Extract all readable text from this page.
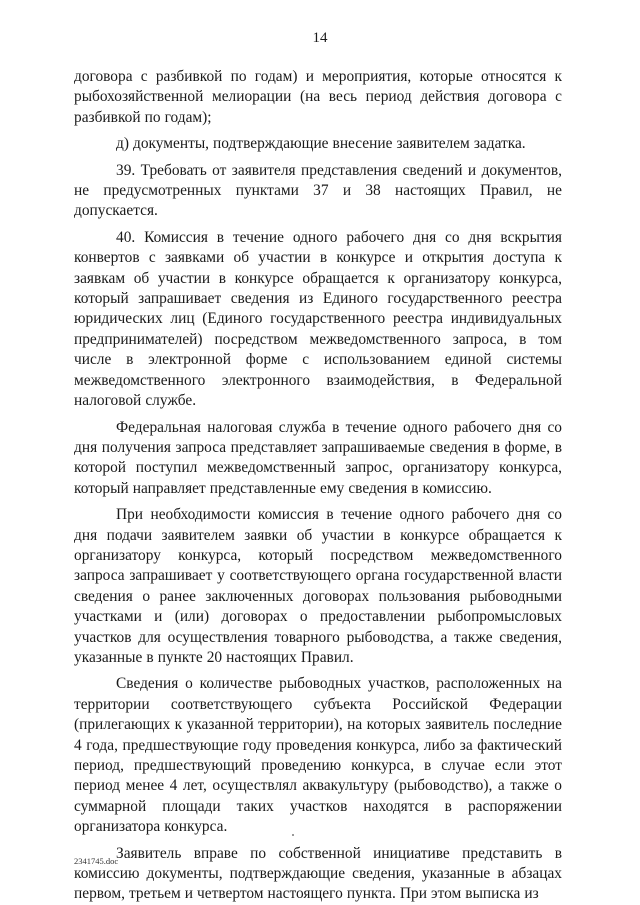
14

договора с разбивкой по годам) и мероприятия, которые относятся к рыбохозяйственной мелиорации (на весь период действия договора с разбивкой по годам);

д) документы, подтверждающие внесение заявителем задатка.

39. Требовать от заявителя представления сведений и документов, не предусмотренных пунктами 37 и 38 настоящих Правил, не допускается.

40. Комиссия в течение одного рабочего дня со дня вскрытия конвертов с заявками об участии в конкурсе и открытия доступа к заявкам об участии в конкурсе обращается к организатору конкурса, который запрашивает сведения из Единого государственного реестра юридических лиц (Единого государственного реестра индивидуальных предпринимателей) посредством межведомственного запроса, в том числе в электронной форме с использованием единой системы межведомственного электронного взаимодействия, в Федеральной налоговой службе.

Федеральная налоговая служба в течение одного рабочего дня со дня получения запроса представляет запрашиваемые сведения в форме, в которой поступил межведомственный запрос, организатору конкурса, который направляет представленные ему сведения в комиссию.

При необходимости комиссия в течение одного рабочего дня со дня подачи заявителем заявки об участии в конкурсе обращается к организатору конкурса, который посредством межведомственного запроса запрашивает у соответствующего органа государственной власти сведения о ранее заключенных договорах пользования рыбоводными участками и (или) договорах о предоставлении рыбопромысловых участков для осуществления товарного рыбоводства, а также сведения, указанные в пункте 20 настоящих Правил.

Сведения о количестве рыбоводных участков, расположенных на территории соответствующего субъекта Российской Федерации (прилегающих к указанной территории), на которых заявитель последние 4 года, предшествующие году проведения конкурса, либо за фактический период, предшествующий проведению конкурса, в случае если этот период менее 4 лет, осуществлял аквакультуру (рыбоводство), а также о суммарной площади таких участков находятся в распоряжении организатора конкурса.

Заявитель вправе по собственной инициативе представить в комиссию документы, подтверждающие сведения, указанные в абзацах первом, третьем и четвертом настоящего пункта. При этом выписка из

2341745.doc
